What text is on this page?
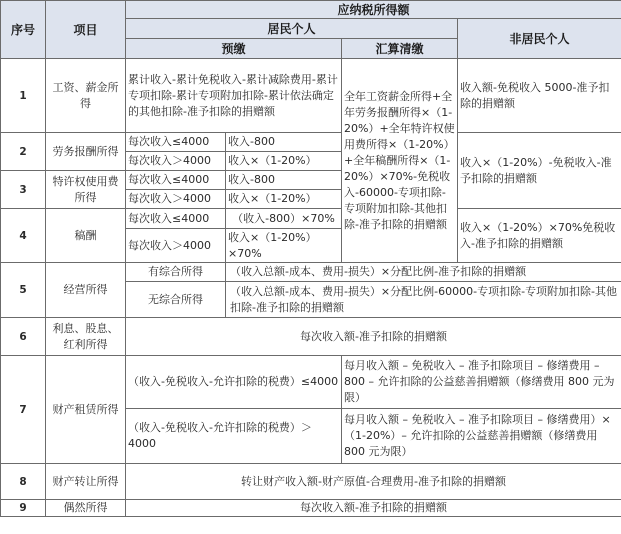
序号	项目	应纳税所得额			
		居民个人			非居民个人
		预缴		汇算清缴	
1	工资、薪金所得	累计收入-累计免税收入-累计减除费用-累计专项扣除-累计专项附加扣除-累计依法确定的其他扣除-准予扣除的捐赠额		全年工资薪金所得+全年劳务报酬所得×（1-20%）+全年特许权使用费所得×（1-20%）+全年稿酬所得×（1-20%）×70%-免税收入-60000-专项扣除-专项附加扣除-其他扣除-准予扣除的捐赠额	收入额-免税收入 5000-准予扣除的捐赠额
2	劳务报酬所得	每次收入≤4000	收入-800		收入×（1-20%）-免税收入-准予扣除的捐赠额
		每次收入＞4000	收入×（1-20%）		
3	特许权使用费所得	每次收入≤4000	收入-800		
		每次收入＞4000	收入×（1-20%）		
4	稿酬	每次收入≤4000	（收入-800）×70%		收入×（1-20%）×70%免税收入-准予扣除的捐赠额
		每次收入＞4000	收入×（1-20%）×70%		
5	经营所得	有综合所得	（收入总额-成本、费用-损失）×分配比例-准予扣除的捐赠额		
		无综合所得	（收入总额-成本、费用-损失）×分配比例-60000-专项扣除-专项附加扣除-其他扣除-准予扣除的捐赠额		
6	利息、股息、红利所得	每次收入额-准予扣除的捐赠额			
7	财产租赁所得	（收入-免税收入-允许扣除的税费）≤4000		每月收入额 – 免税收入 – 准予扣除项目 – 修缮费用 – 800 – 允许扣除的公益慈善捐赠额（修缮费用 800 元为限）	
		（收入-免税收入-允许扣除的税费）＞4000		每月收入额 – 免税收入 – 准予扣除项目 – 修缮费用）×（1-20%）– 允许扣除的公益慈善捐赠额（修缮费用 800 元为限）	
8	财产转让所得	转让财产收入额-财产原值-合理费用-准予扣除的捐赠额			
9	偶然所得	每次收入额-准予扣除的捐赠额			
